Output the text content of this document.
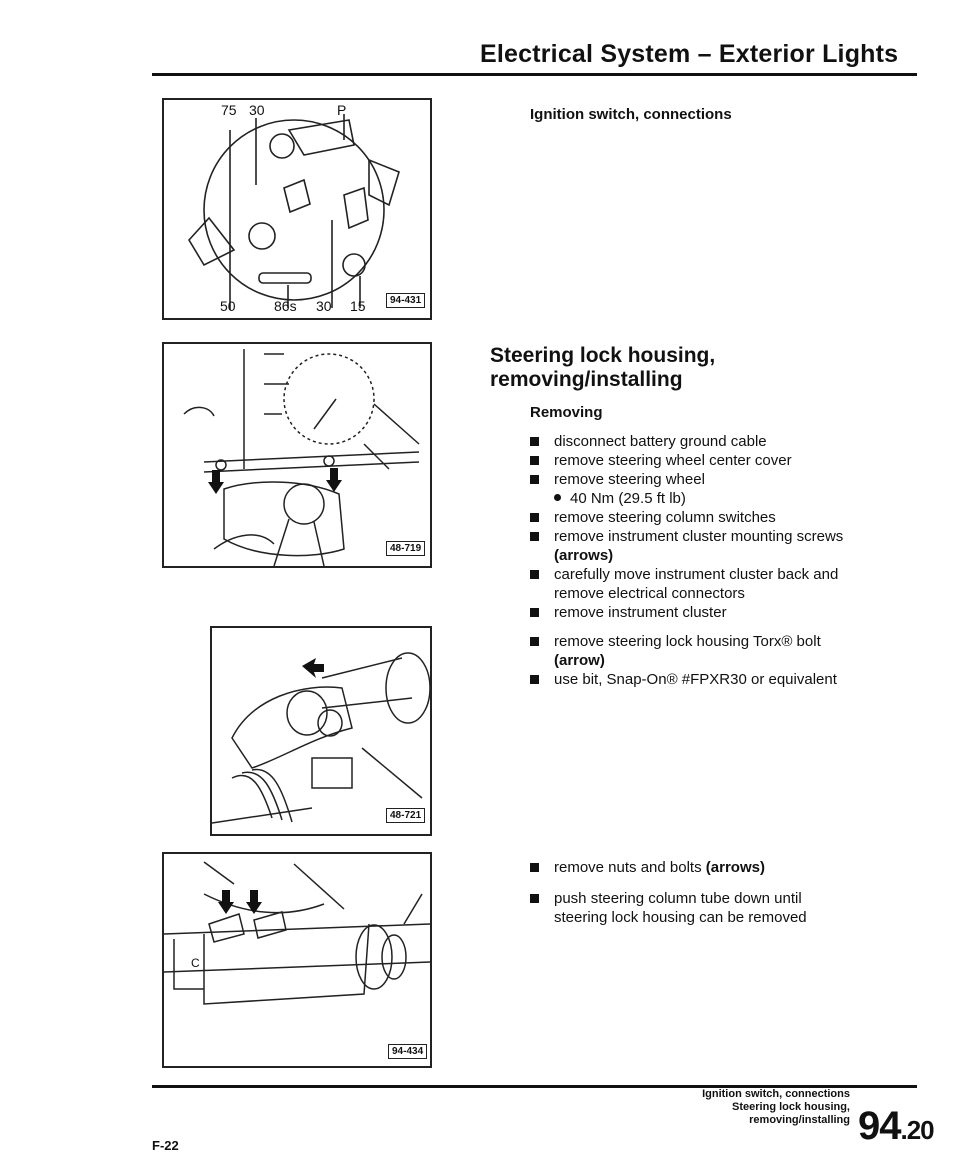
Electrical System – Exterior Lights
75 30	P
50	86s 30 15	94-431
48-719
48-721
C
94-434
Ignition switch, connections
Steering lock housing,
removing/installing
Removing
disconnect battery ground cable
remove steering wheel center cover
remove steering wheel
40 Nm (29.5 ft lb)
remove steering column switches
remove instrument cluster mounting screws
(arrows)
carefully move instrument cluster back and
remove electrical connectors
remove instrument cluster
remove steering lock housing Torx® bolt
(arrow)
use bit, Snap-On® #FPXR30 or equivalent
remove nuts and bolts (arrows)
push steering column tube down until
steering lock housing can be removed
F-22
Ignition switch, connections
Steering lock housing,
removing/installing 94.20
